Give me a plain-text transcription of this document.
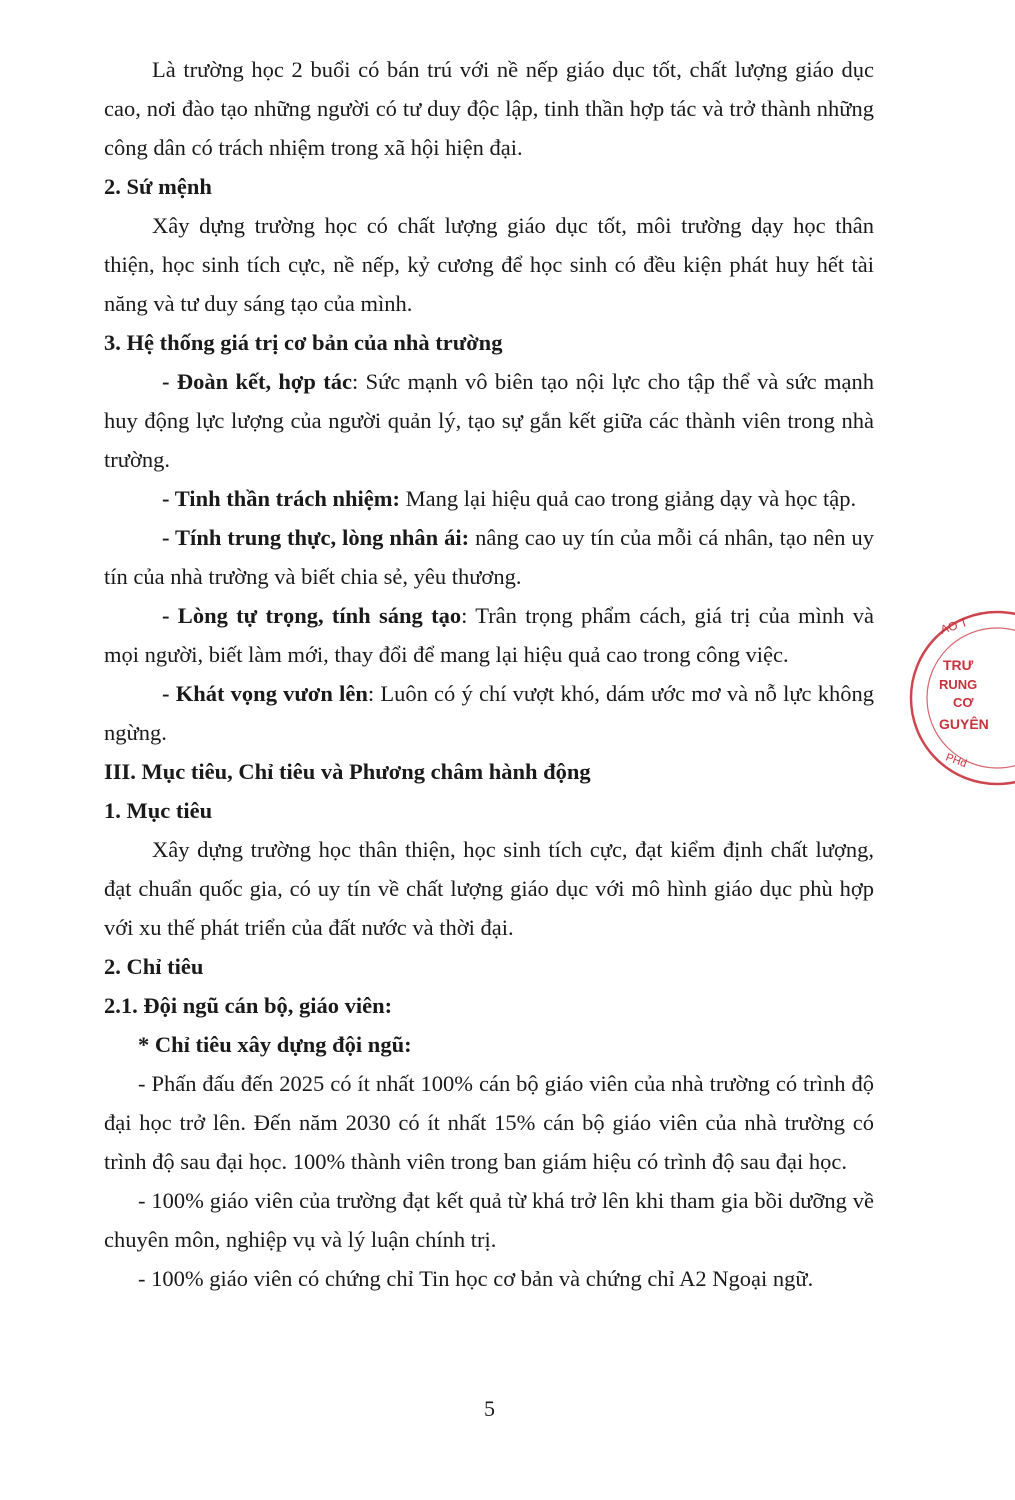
Là trường học 2 buổi có bán trú với nề nếp giáo dục tốt, chất lượng giáo dục cao, nơi đào tạo những người có tư duy độc lập, tinh thần hợp tác và trở thành những công dân có trách nhiệm trong xã hội hiện đại.

2. Sứ mệnh

Xây dựng trường học có chất lượng giáo dục tốt, môi trường dạy học thân thiện, học sinh tích cực, nề nếp, kỷ cương để học sinh có đều kiện phát huy hết tài năng và tư duy sáng tạo của mình.

3. Hệ thống giá trị cơ bản của nhà trường

- Đoàn kết, hợp tác: Sức mạnh vô biên tạo nội lực cho tập thể và sức mạnh huy động lực lượng của người quản lý, tạo sự gắn kết giữa các thành viên trong nhà trường.

- Tinh thần trách nhiệm: Mang lại hiệu quả cao trong giảng dạy và học tập.

- Tính trung thực, lòng nhân ái: nâng cao uy tín của mỗi cá nhân, tạo nên uy tín của nhà trường và biết chia sẻ, yêu thương.

- Lòng tự trọng, tính sáng tạo: Trân trọng phẩm cách, giá trị của mình và mọi người, biết làm mới, thay đổi để mang lại hiệu quả cao trong công việc.

- Khát vọng vươn lên: Luôn có ý chí vượt khó, dám ước mơ và nỗ lực không ngừng.

III. Mục tiêu, Chỉ tiêu và Phương châm hành động

1. Mục tiêu

Xây dựng trường học thân thiện, học sinh tích cực, đạt kiểm định chất lượng, đạt chuẩn quốc gia, có uy tín về chất lượng giáo dục với mô hình giáo dục phù hợp với xu thế phát triển của đất nước và thời đại.

2. Chỉ tiêu

2.1. Đội ngũ cán bộ, giáo viên:

* Chỉ tiêu xây dựng đội ngũ:

- Phấn đấu đến 2025 có ít nhất 100% cán bộ giáo viên của nhà trường có trình độ đại học trở lên. Đến năm 2030 có ít nhất 15% cán bộ giáo viên của nhà trường có trình độ sau đại học. 100% thành viên trong ban giám hiệu có trình độ sau đại học.

- 100% giáo viên của trường đạt kết quả từ khá trở lên khi tham gia bồi dưỡng về chuyên môn, nghiệp vụ và lý luận chính trị.

- 100% giáo viên có chứng chỉ Tin học cơ bản và chứng chỉ A2 Ngoại ngữ.

5
AO T
TRƯ
RUNG
CƠ
GUYÊN
PHd
